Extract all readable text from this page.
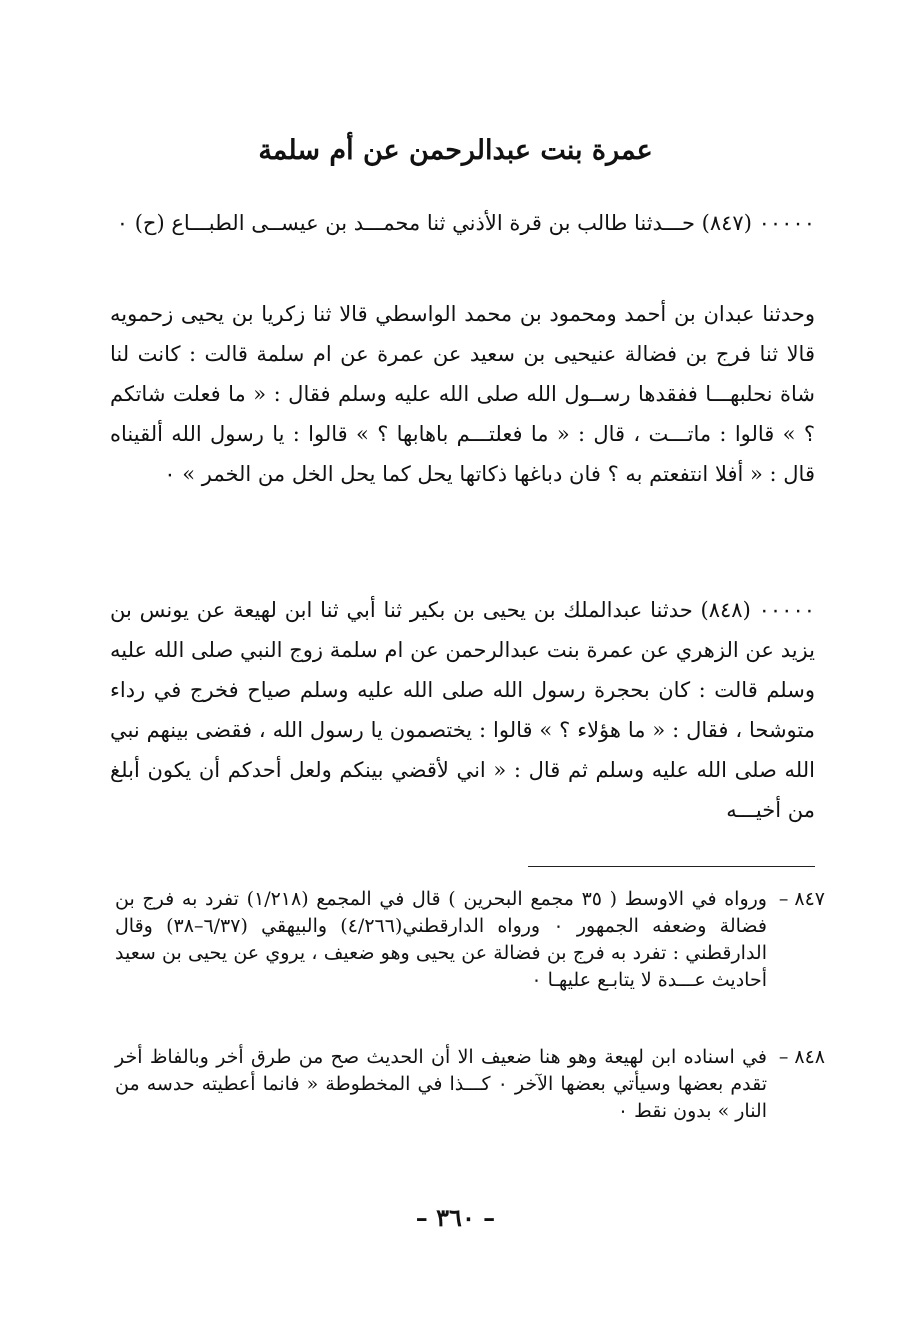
عمرة بنت عبدالرحمن عن أم سلمة
٠٠٠٠٠ (٨٤٧) حـــدثنا طالب بن قرة الأذني ثنا محمـــد بن عيســى الطبـــاع (ح) ٠
وحدثنا عبدان بن أحمد ومحمود بن محمد الواسطي قالا ثنا زكريا بن يحيى زحمويه قالا ثنا فرج بن فضالة عنيحيى بن سعيد عن عمرة عن ام سلمة قالت : كانت لنا شاة نحلبهـــا ففقدها رســول الله صلى الله عليه وسلم فقال : « ما فعلت شاتكم ؟ » قالوا : ماتـــت ، قال : « ما فعلتـــم باهابها ؟ » قالوا : يا رسول الله ألقيناه قال : « أفلا انتفعتم به ؟ فان دباغها ذكاتها يحل كما يحل الخل من الخمر » ٠
٠٠٠٠٠ (٨٤٨) حدثنا عبدالملك بن يحيى بن بكير ثنا أبي ثنا ابن لهيعة عن يونس بن يزيد عن الزهري عن عمرة بنت عبدالرحمن عن ام سلمة زوج النبي صلى الله عليه وسلم قالت : كان بحجرة رسول الله صلى الله عليه وسلم صياح فخرج في رداء متوشحا ، فقال : « ما هؤلاء ؟ » قالوا : يختصمون يا رسول الله ، فقضى بينهم نبي الله صلى الله عليه وسلم ثم قال : « اني لأقضي بينكم ولعل أحدكم أن يكون أبلغ من أخيـــه
٨٤٧ –
ورواه في الاوسط ( ٣٥ مجمع البحرين ) قال في المجمع (١/٢١٨) تفرد به فرج بن فضالة وضعفه الجمهور ٠ ورواه الدارقطني(٤/٢٦٦) والبيهقي (٦/٣٧–٣٨) وقال الدارقطني : تفرد به فرج بن فضالة عن يحيى وهو ضعيف ، يروي عن يحيى بن سعيد أحاديث عـــدة لا يتابـع عليهـا ٠
٨٤٨ –
في اسناده ابن لهيعة وهو هنا ضعيف الا أن الحديث صح من طرق أخر وبالفاظ أخر تقدم بعضها وسيأتي بعضها الآخر ٠ كـــذا في المخطوطة « فانما أعطيته حدسه من النار » بدون نقط ٠
– ٣٦٠ –
